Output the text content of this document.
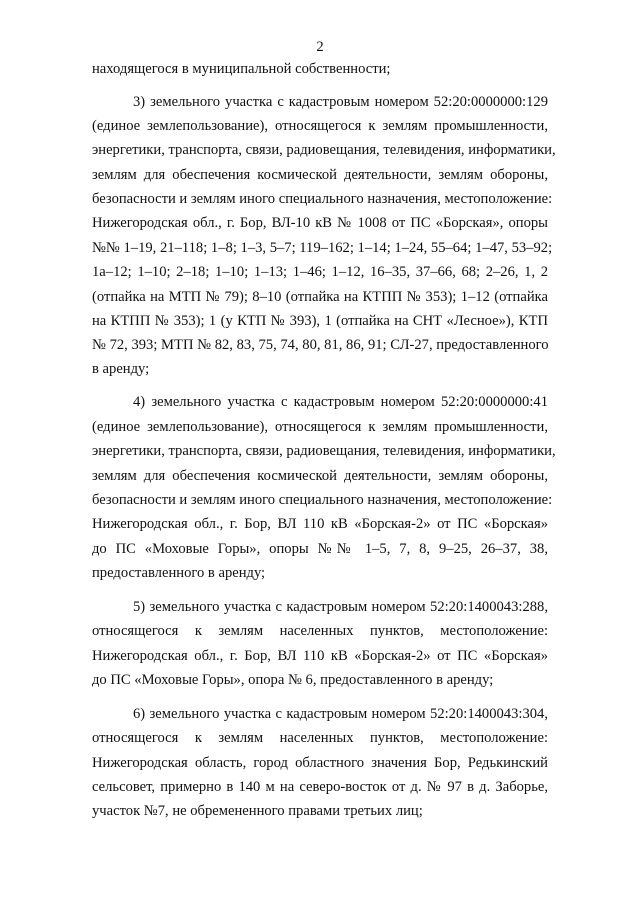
2
находящегося в муниципальной собственности;
3) земельного участка с кадастровым номером 52:20:0000000:129
(единое землепользование), относящегося к землям промышленности,
энергетики, транспорта, связи, радиовещания, телевидения, информатики,
землям для обеспечения космической деятельности, землям обороны,
безопасности и землям иного специального назначения, местоположение:
Нижегородская обл., г. Бор, ВЛ-10 кВ № 1008 от ПС «Борская», опоры
№№ 1–19, 21–118; 1–8; 1–3, 5–7; 119–162; 1–14; 1–24, 55–64; 1–47, 53–92;
1а–12; 1–10; 2–18; 1–10; 1–13; 1–46; 1–12, 16–35, 37–66, 68; 2–26, 1, 2
(отпайка на МТП № 79); 8–10 (отпайка на КТПП № 353); 1–12 (отпайка
на КТПП № 353); 1 (у КТП № 393), 1 (отпайка на СНТ «Лесное»), КТП
№ 72, 393; МТП № 82, 83, 75, 74, 80, 81, 86, 91; СЛ-27, предоставленного
в аренду;
4) земельного участка с кадастровым номером 52:20:0000000:41
(единое землепользование), относящегося к землям промышленности,
энергетики, транспорта, связи, радиовещания, телевидения, информатики,
землям для обеспечения космической деятельности, землям обороны,
безопасности и землям иного специального назначения, местоположение:
Нижегородская обл., г. Бор, ВЛ 110 кВ «Борская-2» от ПС «Борская»
до ПС «Моховые Горы», опоры №№ 1–5, 7, 8, 9–25, 26–37, 38,
предоставленного в аренду;
5) земельного участка с кадастровым номером 52:20:1400043:288,
относящегося к землям населенных пунктов, местоположение:
Нижегородская обл., г. Бор, ВЛ 110 кВ «Борская-2» от ПС «Борская»
до ПС «Моховые Горы», опора № 6, предоставленного в аренду;
6) земельного участка с кадастровым номером 52:20:1400043:304,
относящегося к землям населенных пунктов, местоположение:
Нижегородская область, город областного значения Бор, Редькинский
сельсовет, примерно в 140 м на северо-восток от д. № 97 в д. Заборье,
участок №7, не обремененного правами третьих лиц;
